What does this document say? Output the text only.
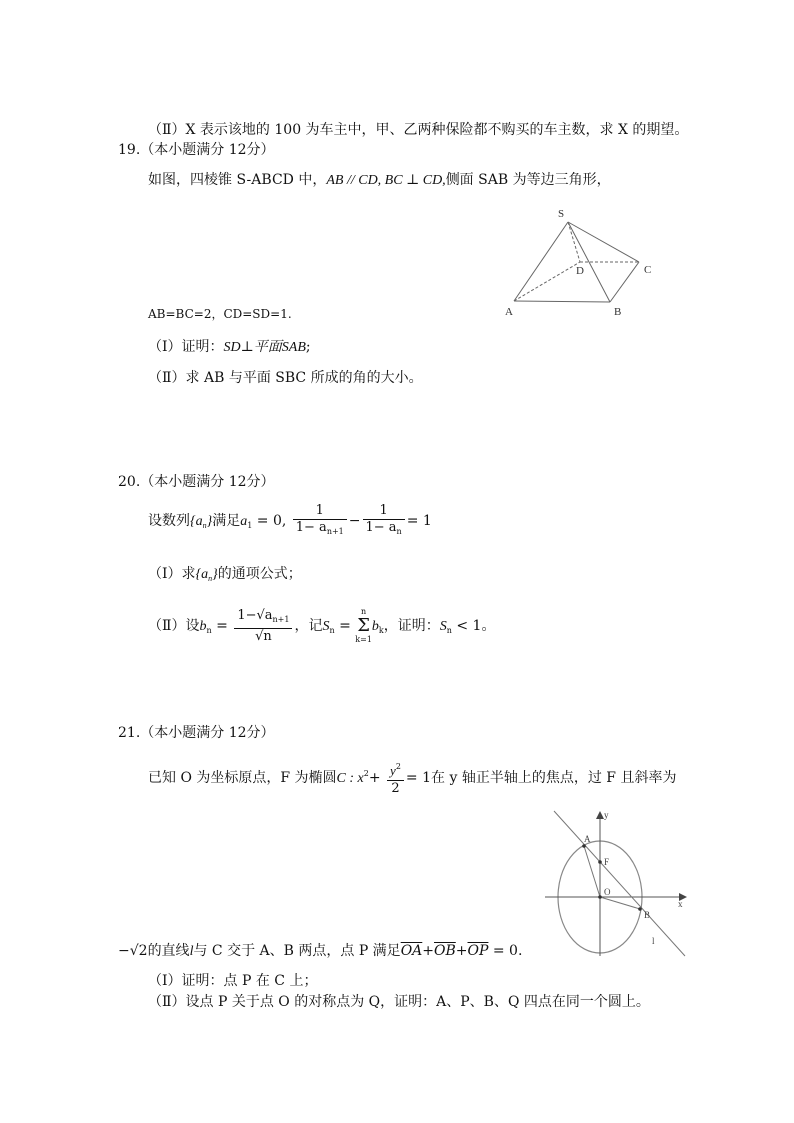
（Ⅱ）X 表示该地的 100 为车主中，甲、乙两种保险都不购买的车主数，求 X 的期望。
19.（本小题满分 12分）
如图，四棱锥 S-ABCD 中，AB // CD, BC ⊥ CD,侧面 SAB 为等边三角形，
S
D	C
A	B
AB=BC=2，CD=SD=1.
（Ⅰ）证明：SD⊥平面SAB;
（Ⅱ）求 AB 与平面 SBC 所成的角的大小。
20.（本小题满分 12分）
设数列$\{a_n\}$满足$a_1 = 0$, $\frac{1}{1- a_{n+1}} - \frac{1}{1- a_n} = 1$
（Ⅰ）求$\{a_n\}$的通项公式；
（Ⅱ）设$b_n = \frac{1-√a_{n+1}}{√n}$ ，记$S_n = n$
Σ
$k=1b_k$，证明：$S_n < 1$。
21.（本小题满分 12分）
已知 O 为坐标原点，F 为椭圆C : $x^2+ \frac{y^2}{2} = 1$在 y 轴正半轴上的焦点，过 F 且斜率为
y
A
F
O
B
x
l
−√2的直线l与 C 交于 A、B 两点，点 P 满足$\overline{OA}+\overline{OB}+\overline{OP} = 0$.
（Ⅰ）证明：点 P 在 C 上；
（Ⅱ）设点 P 关于点 O 的对称点为 Q，证明：A、P、B、Q 四点在同一个圆上。
